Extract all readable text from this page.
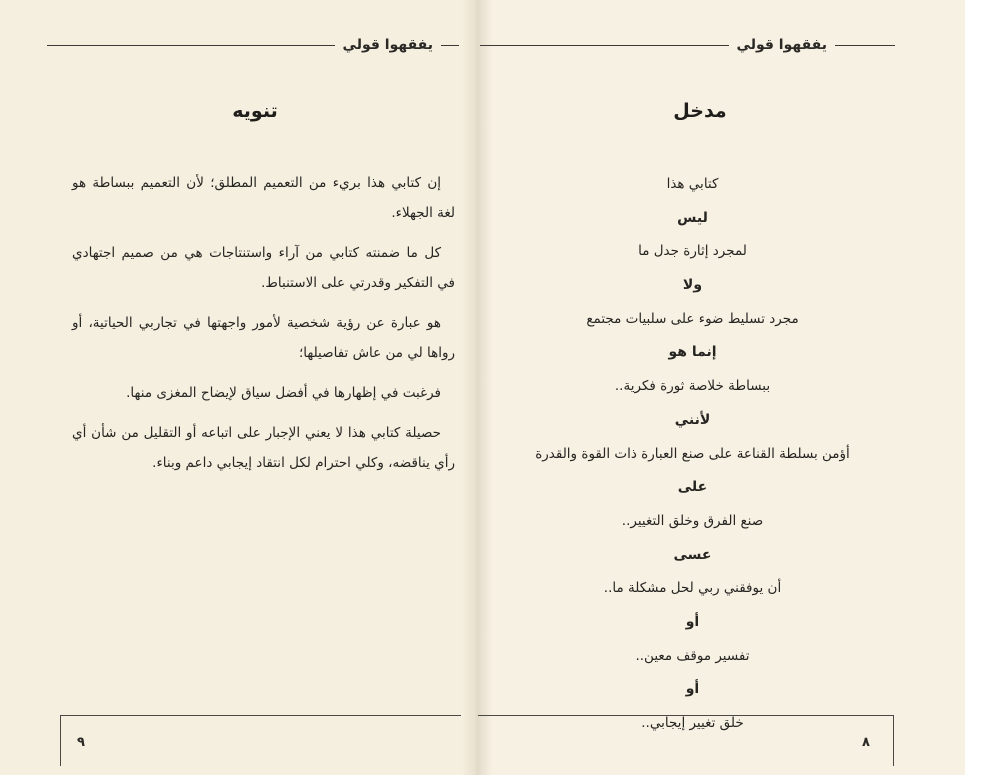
يفقهوا قولي	يفقهوا قولي
تنويه	مدخل

إن كتابي هذا بريء من التعميم المطلق؛ لأن التعميم ببساطة هو لغة الجهلاء.

كل ما ضمنته كتابي من آراء واستنتاجات هي من صميم اجتهادي في التفكير وقدرتي على الاستنباط.

هو عبارة عن رؤية شخصية لأمور واجهتها في تجاربي الحياتية، أو رواها لي من عاش تفاصيلها؛

فرغبت في إظهارها في أفضل سياق لإيضاح المغزى منها.

حصيلة كتابي هذا لا يعني الإجبار على اتباعه أو التقليل من شأن أي رأي يناقضه، وكلي احترام لكل انتقاد إيجابي داعم وبناء.

كتابي هذا
ليس
لمجرد إثارة جدل ما
ولا
مجرد تسليط ضوء على سلبيات مجتمع
إنما هو
ببساطة خلاصة ثورة فكرية..
لأنني
أؤمن بسلطة القناعة على صنع العبارة ذات القوة والقدرة
على
صنع الفرق وخلق التغيير..
عسى
أن يوفقني ربي لحل مشكلة ما..
أو
تفسير موقف معين..
أو
خلق تغيير إيجابي..
٩	٨
